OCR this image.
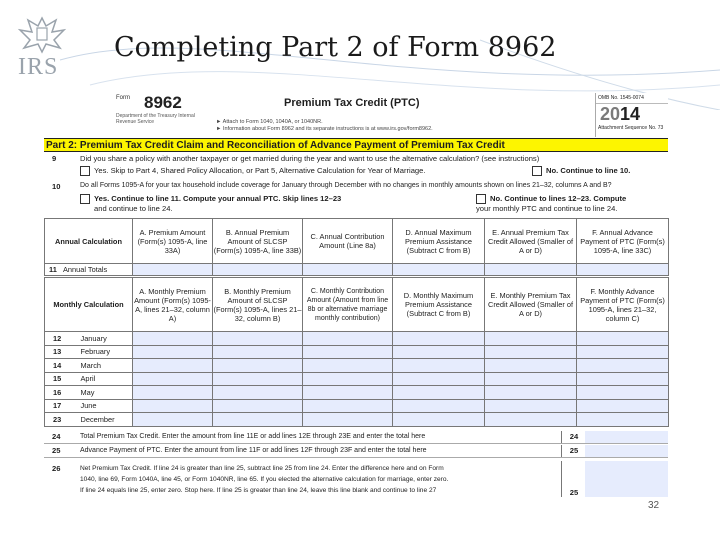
IRS
Completing Part 2 of Form 8962
Form 8962
Department of the Treasury Internal Revenue Service
Premium Tax Credit (PTC)
► Attach to Form 1040, 1040A, or 1040NR.
► Information about Form 8962 and its separate instructions is at www.irs.gov/form8962.
OMB No. 1545-0074
2014
Attachment Sequence No. 73
Part 2: Premium Tax Credit Claim and Reconciliation of Advance Payment of Premium Tax Credit
9	Did you share a policy with another taxpayer or get married during the year and want to use the alternative calculation? (see instructions)
Yes. Skip to Part 4, Shared Policy Allocation, or Part 5, Alternative Calculation for Year of Marriage.	No. Continue to line 10.
10	Do all Forms 1095-A for your tax household include coverage for January through December with no changes in monthly amounts shown on lines 21–32, columns A and B?
Yes. Continue to line 11. Compute your annual PTC. Skip lines 12–23
and continue to line 24.
No. Continue to lines 12–23. Compute
your monthly PTC and continue to line 24.
Annual Calculation	A. Premium Amount (Form(s) 1095-A, line 33A)	B. Annual Premium Amount of SLCSP (Form(s) 1095-A, line 33B)	C. Annual Contribution Amount (Line 8a)	D. Annual Maximum Premium Assistance (Subtract C from B)	E. Annual Premium Tax Credit Allowed (Smaller of A or D)	F. Annual Advance Payment of PTC (Form(s) 1095-A, line 33C)
11 Annual Totals						
Monthly Calculation		A. Monthly Premium Amount (Form(s) 1095-A, lines 21–32, column A)	B. Monthly Premium Amount of SLCSP (Form(s) 1095-A, lines 21–32, column B)	C. Monthly Contribution Amount (Amount from line 8b or alternative marriage monthly contribution)	D. Monthly Maximum Premium Assistance (Subtract C from B)	E. Monthly Premium Tax Credit Allowed (Smaller of A or D)	F. Monthly Advance Payment of PTC (Form(s) 1095-A, lines 21–32, column C)
12	January						
13	February						
14	March						
15	April						
16	May						
17	June						
23	December						
24	Total Premium Tax Credit. Enter the amount from line 11E or add lines 12E through 23E and enter the total here	24
25	Advance Payment of PTC. Enter the amount from line 11F or add lines 12F through 23F and enter the total here	25
26	Net Premium Tax Credit. If line 24 is greater than line 25, subtract line 25 from line 24. Enter the difference here and on Form
1040, line 69, Form 1040A, line 45, or Form 1040NR, line 65. If you elected the alternative calculation for marriage, enter zero.
If line 24 equals line 25, enter zero. Stop here. If line 25 is greater than line 24, leave this line blank and continue to line 27	25
32
